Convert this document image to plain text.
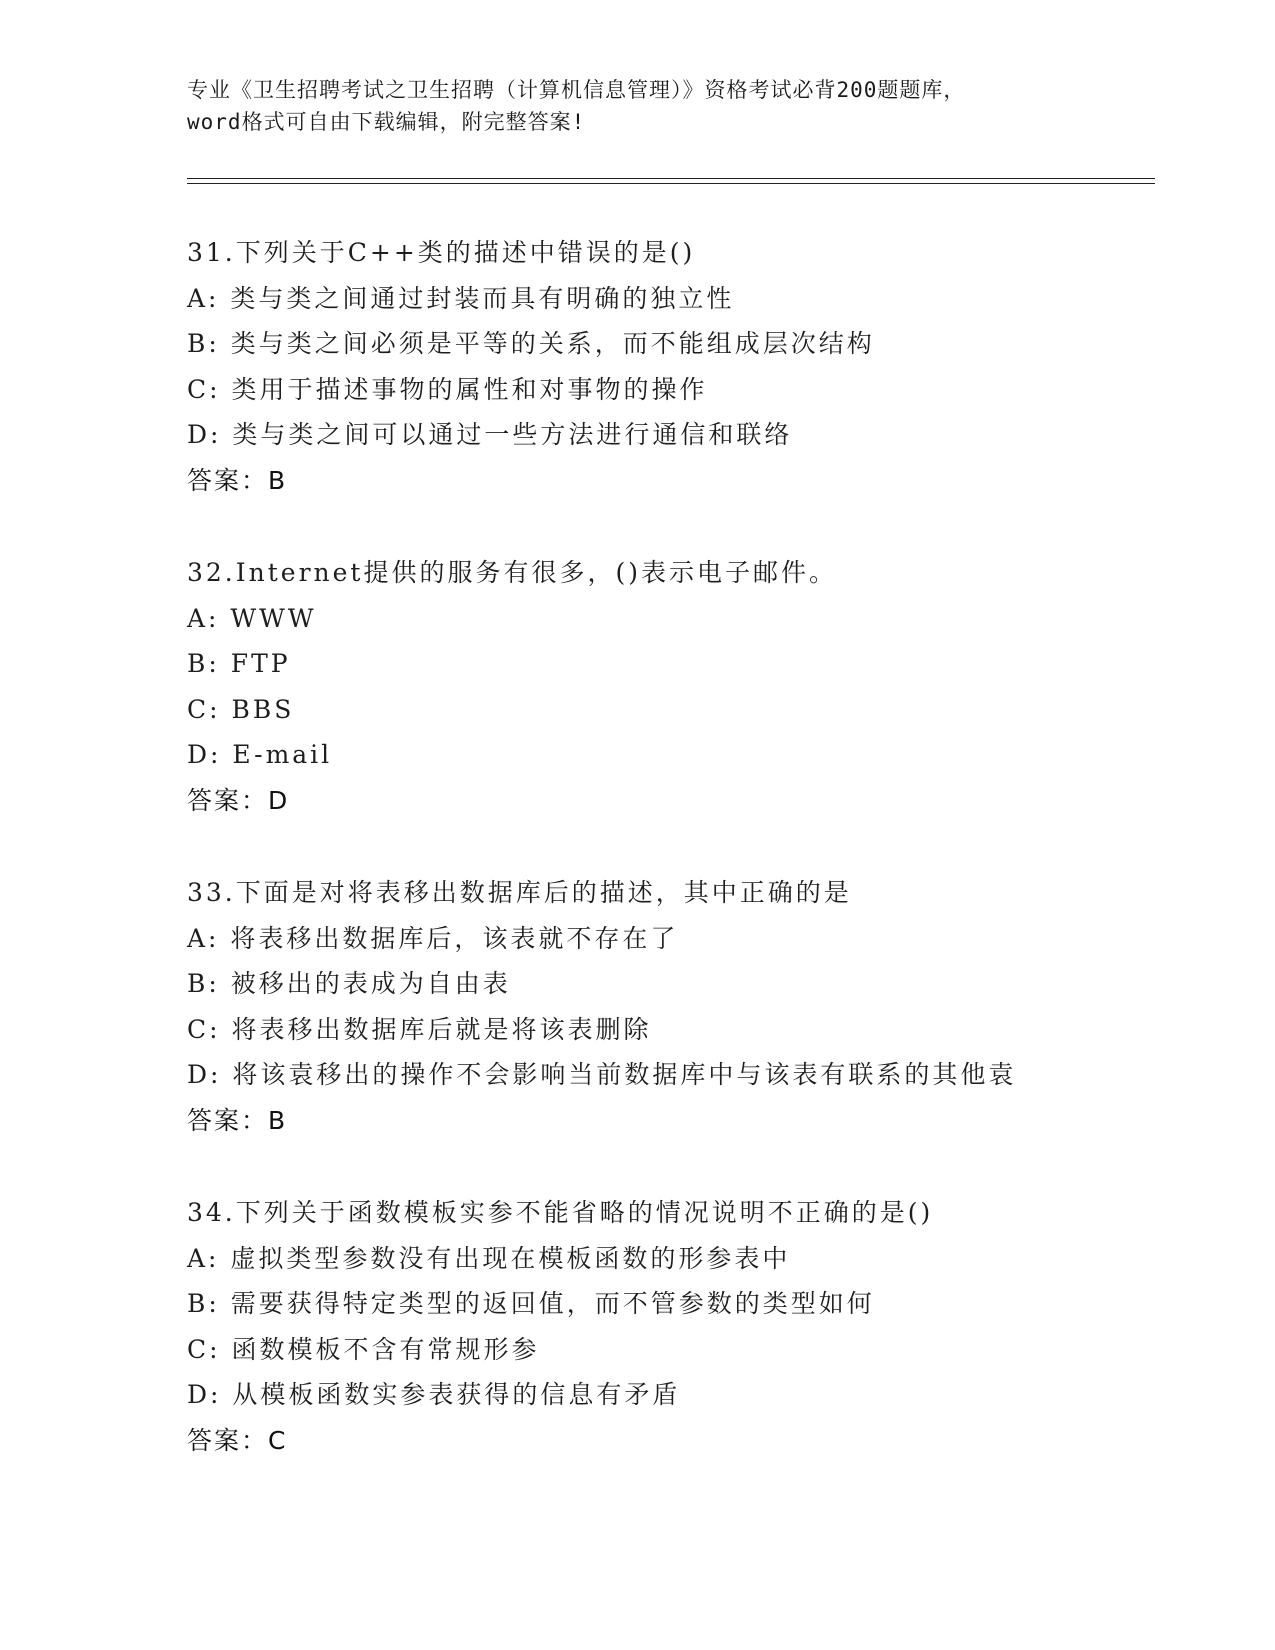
专业《卫生招聘考试之卫生招聘（计算机信息管理）》资格考试必背200题题库，
word格式可自由下载编辑，附完整答案!
31.下列关于C++类的描述中错误的是()
A: 类与类之间通过封装而具有明确的独立性
B: 类与类之间必须是平等的关系，而不能组成层次结构
C: 类用于描述事物的属性和对事物的操作
D: 类与类之间可以通过一些方法进行通信和联络
答案：B
32.Internet提供的服务有很多，()表示电子邮件。
A: WWW
B: FTP
C: BBS
D: E-mail
答案：D
33.下面是对将表移出数据库后的描述，其中正确的是
A: 将表移出数据库后，该表就不存在了
B: 被移出的表成为自由表
C: 将表移出数据库后就是将该表删除
D: 将该袁移出的操作不会影响当前数据库中与该表有联系的其他袁
答案：B
34.下列关于函数模板实参不能省略的情况说明不正确的是()
A: 虚拟类型参数没有出现在模板函数的形参表中
B: 需要获得特定类型的返回值，而不管参数的类型如何
C: 函数模板不含有常规形参
D: 从模板函数实参表获得的信息有矛盾
答案：C
